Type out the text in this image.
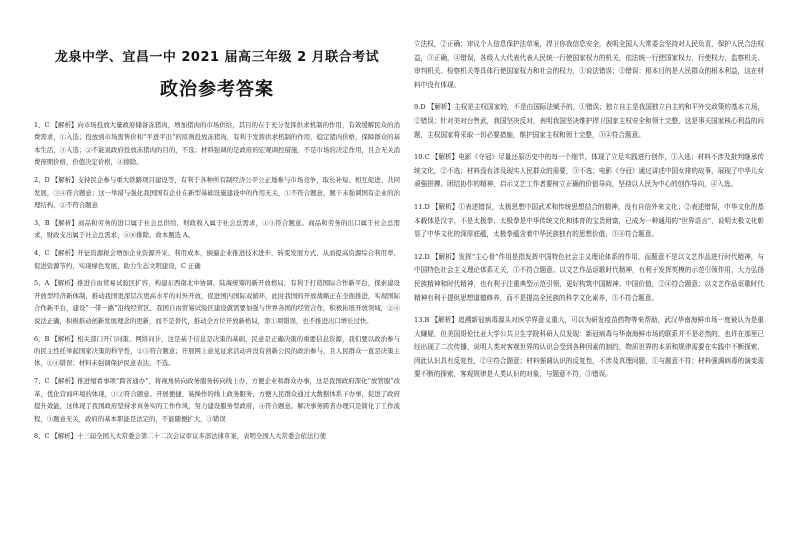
龙泉中学、宜昌一中 2021 届高三年级 2 月联合考试
政治参考答案

1、C 【解析】向市场投放大量政府储备冻猪肉，增加猪肉的市场供给，其目的在于充分发挥供求机制的作用，有效缓解民众的消费需求，①入选；投放到市场需售价和“平进平出”的原则投放冻猪肉，有利于发挥供求机制的作用，稳定猪肉价格，保障群众的基本生活，③入选；②不能说政府投放冻猪肉的目的，不选；材料强调的是政府的宏观调控措施，不是市场的决定作用，且会无关消费预期价格，价值决定价格，④排除。

2、D 【解析】支持民企参与重大铁路项目建设等，有利于各种所有制经济公平公正地参与市场竞争，取长补短、相互促进、共同发展，③④符合题意；这一举措与强化我国国有企业在新型基础设施建设中的作用无关，①不符合题意，题干未强调国有企业的治理结构，②不符合题意

3、B 【解析】商品和劳务的进口属于社会总供给，财政收入属于社会总需求，①③符合题意。商品和劳务的出口属于社会总需求，财政支出属于社会总需求，④⑥排除，故本题选 A。

4、C 【解析】开征资源税会增加企业资源开采、利用成本，倒逼企业推进技术进步，转变发展方式，从而提高资源综合利用率，促进资源节约，实现绿色发展，助力生态文明建设，C 正确

5、A 【解析】推进自由贸易试验区扩容，构建东西南北中协调、陆海统筹的新开放格局，有利于打造国际合作新平台，探索建设开放型经济新体制，推动我国更深层次更高水平的对外开放，促进国内国际双循环，此时我国的开放战略正在全面推进，实现国际合作新平台，建设“一带一路”沿线经贸区，我国自由贸易试验区建设就需要加强与世界各国的经贸合作，积极拓展开放领域，②④说法正确，积极推动创新发展理念的更新，而不是替代，推动全方位开放新格局，第①项错误，也不推进出口增长过快。

6、B 【解析】相关部门开门问策、网络问计，这是基于信息是决策的基础，民意是正确决策的重要信息资源，我们要以政治参与的民主性托举起国家决策的科学性，②③符合题意；开展网上意见征求活动并没有创新公民的政治参与，且人民群众一直是决策主体，①④错误；材料未强调保护民意表达，不选。

7、C 【解析】推进缩看事项“跨省通办”，将视角转向政务服务转向线上办，方便企业和群众办事，这是我国政府深化“放管服”改革，优化营商环境的体现，①②符合题意。开展便捷、易操作的线上政务服务，方便人民群众通过大数据体系下办事，促进了政府提升效能，这体现了我国政府坚持求真务实的工作作风，努力建设服务型政府，④符合题意。解决事务跨省办理只是简化了工作流程，③题意无关，政府的基本职能是法定的，不能随便扩大，③错误

8、C 【解析】十三届全国人大常委会第二十二次会议审议多部法律草案，表明全国人大常委会依法行使

立法权，②正确；审议个人信息保护法草案，捍卫你我信息安全，表明全国人大常委会坚持对人民负责，保护人民合法权益，③正确，④错误，各级人大代表代表人民统一行使国家权力的机关，依法统一行使国家权力，行使权力，监察机关、审判机关、检察机关等具体行使国家权力和社会的权力，①说法错误；②错误：根本目的是人民群众的根本利益，这在材料中没有体现。

9.D 【解析】主权是主权国家的，不是由国际法赋予的，①错误；独立自主是我国独立自主的和平外交政策的基本立场，②错误；针对美对台售武，我国坚决反对，表明我国坚决维护捍卫国家主权安全和领土完整，这是事关国家核心利益的问题，主权国家将采取一切必要措施，维护国家主权和领土完整，③④符合题意。

10.C 【解析】电影《夺冠》尽量还原历史中的每一个细节，体现了立足实践进行创作，①入选；材料不涉及批判继承传统文化，②不选；材料没有涉及现实人民群众的需要，③不选；电影《夺冠》通过讲述中国女排的故事，展现了中华儿女顽强拼搏、团结协作的精神，启示文艺工作者要树立正确的价值导向，坚持以人民为中心的创作导向，④入选。

11.D 【解析】①表述错误，太极思想中国武术和传统思想结合的精神，没有自信外来文化；②表述错误，中华文化的基本载体是汉字，不是太极拳，太极拳是中华传统文化和体育的宝贵财富，已成为一种通用的“世界语言”，说明太极文化彰显了中华文化的深厚底蕴，太极拳蕴含着中华民族独有的思想价值，③④符合题意。

12.D 【解析】发挥“主心骨”作用是指发挥中国特色社会主义理论体系的作用，而题意不是以文艺作品进行时代精神，与中国特色社会主义理论体系无关，①不符合题意。以文艺作品讴歌时代精神，有利于发挥英模的示范引领作用，大力弘扬民族精神和时代精神，也有利于注重典型示范引领，更好构筑中国精神、中国价值，②④符合题意；以文艺作品讴歌时代精神有利于提供思想道德修养，而不是提高全民族的科学文化素养，③不符合题意。

13.B 【解析】追溯新冠病毒源头对医学界意义重大，可以为研发疫苗药物等来帮助，武汉华南海鲜市场一度被认为是重大嫌疑，但美国哥伦比亚大学公共卫生学院科研人员发现：新冠病毒与华南海鲜市场的联系并不是必然的，也许在那里已经出现了二次传播，说明人类对客观世界的认识会受到各种因素的制约，物质世界的本质和规律需要在实践中不断探索，因此认识具有反复性，②④符合题意；材料强调认识的反复性，不涉及真理问题，①与题意不符；材料强调病毒的演变需要不断的探索，客观规律是人类认识的对象，与题意不符，③错误。
